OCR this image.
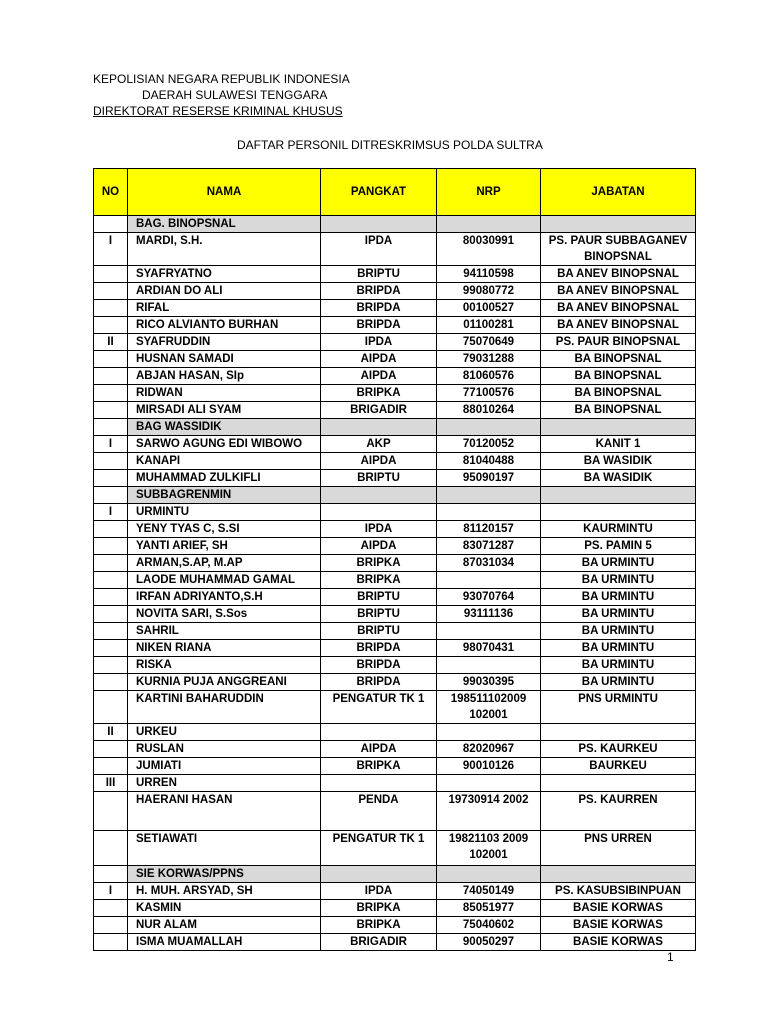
KEPOLISIAN NEGARA REPUBLIK INDONESIA
DAERAH SULAWESI TENGGARA
DIREKTORAT RESERSE KRIMINAL KHUSUS
DAFTAR PERSONIL DITRESKRIMSUS POLDA SULTRA
NO	NAMA	PANGKAT	NRP	JABATAN
	BAG. BINOPSNAL			
I	MARDI, S.H.	IPDA	80030991	PS. PAUR SUBBAGANEV BINOPSNAL
	SYAFRYATNO	BRIPTU	94110598	BA ANEV BINOPSNAL
	ARDIAN DO ALI	BRIPDA	99080772	BA ANEV BINOPSNAL
	RIFAL	BRIPDA	00100527	BA ANEV BINOPSNAL
	RICO ALVIANTO BURHAN	BRIPDA	01100281	BA ANEV BINOPSNAL
II	SYAFRUDDIN	IPDA	75070649	PS. PAUR BINOPSNAL
	HUSNAN SAMADI	AIPDA	79031288	BA BINOPSNAL
	ABJAN HASAN, SIp	AIPDA	81060576	BA BINOPSNAL
	RIDWAN	BRIPKA	77100576	BA BINOPSNAL
	MIRSADI ALI SYAM	BRIGADIR	88010264	BA BINOPSNAL
	BAG WASSIDIK			
I	SARWO AGUNG EDI WIBOWO	AKP	70120052	KANIT 1
	KANAPI	AIPDA	81040488	BA WASIDIK
	MUHAMMAD ZULKIFLI	BRIPTU	95090197	BA WASIDIK
	SUBBAGRENMIN			
I	URMINTU			
	YENY TYAS C, S.SI	IPDA	81120157	KAURMINTU
	YANTI ARIEF, SH	AIPDA	83071287	PS. PAMIN 5
	ARMAN,S.AP, M.AP	BRIPKA	87031034	BA URMINTU
	LAODE MUHAMMAD GAMAL	BRIPKA		BA URMINTU
	IRFAN ADRIYANTO,S.H	BRIPTU	93070764	BA URMINTU
	NOVITA SARI, S.Sos	BRIPTU	93111136	BA URMINTU
	SAHRIL	BRIPTU		BA URMINTU
	NIKEN RIANA	BRIPDA	98070431	BA URMINTU
	RISKA	BRIPDA		BA URMINTU
	KURNIA PUJA ANGGREANI	BRIPDA	99030395	BA URMINTU
	KARTINI BAHARUDDIN	PENGATUR TK 1	198511102009 102001	PNS URMINTU
II	URKEU			
	RUSLAN	AIPDA	82020967	PS. KAURKEU
	JUMIATI	BRIPKA	90010126	BAURKEU
III	URREN			
	HAERANI HASAN	PENDA	19730914 2002	PS. KAURREN
	SETIAWATI	PENGATUR TK 1	19821103 2009 102001	PNS URREN
	SIE KORWAS/PPNS			
I	H. MUH. ARSYAD, SH	IPDA	74050149	PS. KASUBSIBINPUAN
	KASMIN	BRIPKA	85051977	BASIE KORWAS
	NUR ALAM	BRIPKA	75040602	BASIE KORWAS
	ISMA MUAMALLAH	BRIGADIR	90050297	BASIE KORWAS
1
